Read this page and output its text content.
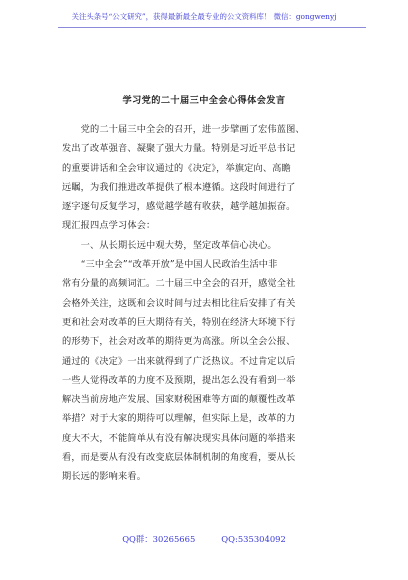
关注头条号“公文研究”，获得最新最全最专业的公文资料库！ 微信：gongwenyj
学习党的二十届三中全会心得体会发言
　　党的二十届三中全会的召开，进一步擘画了宏伟蓝图、
发出了改革强音、凝聚了强大力量。特别是习近平总书记
的重要讲话和全会审议通过的《决定》，举旗定向、高瞻
远瞩，为我们推进改革提供了根本遵循。这段时间进行了
逐字逐句反复学习，感觉越学越有收获，越学越加振奋。
现汇报四点学习体会：
　　一、从长期长远中观大势，坚定改革信心决心。
　　“三中全会”“改革开放”是中国人民政治生活中非
常有分量的高频词汇。二十届三中全会的召开，感觉全社
会格外关注，这既和会议时间与过去相比往后安排了有关
更和社会对改革的巨大期待有关，特别在经济大环境下行
的形势下，社会对改革的期待更为高涨。所以全会公报、
通过的《决定》一出来就得到了广泛热议。不过肯定以后
一些人觉得改革的力度不及预期，提出怎么没有看到一举
解决当前房地产发展、国家财税困难等方面的颠覆性改革
举措？对于大家的期待可以理解，但实际上是，改革的力
度大不大，不能简单从有没有解决现实具体问题的举措来
看，而是要从有没有改变底层体制机制的角度看，要从长
期长远的影响来看。
QQ群：30265665	QQ:535304092
